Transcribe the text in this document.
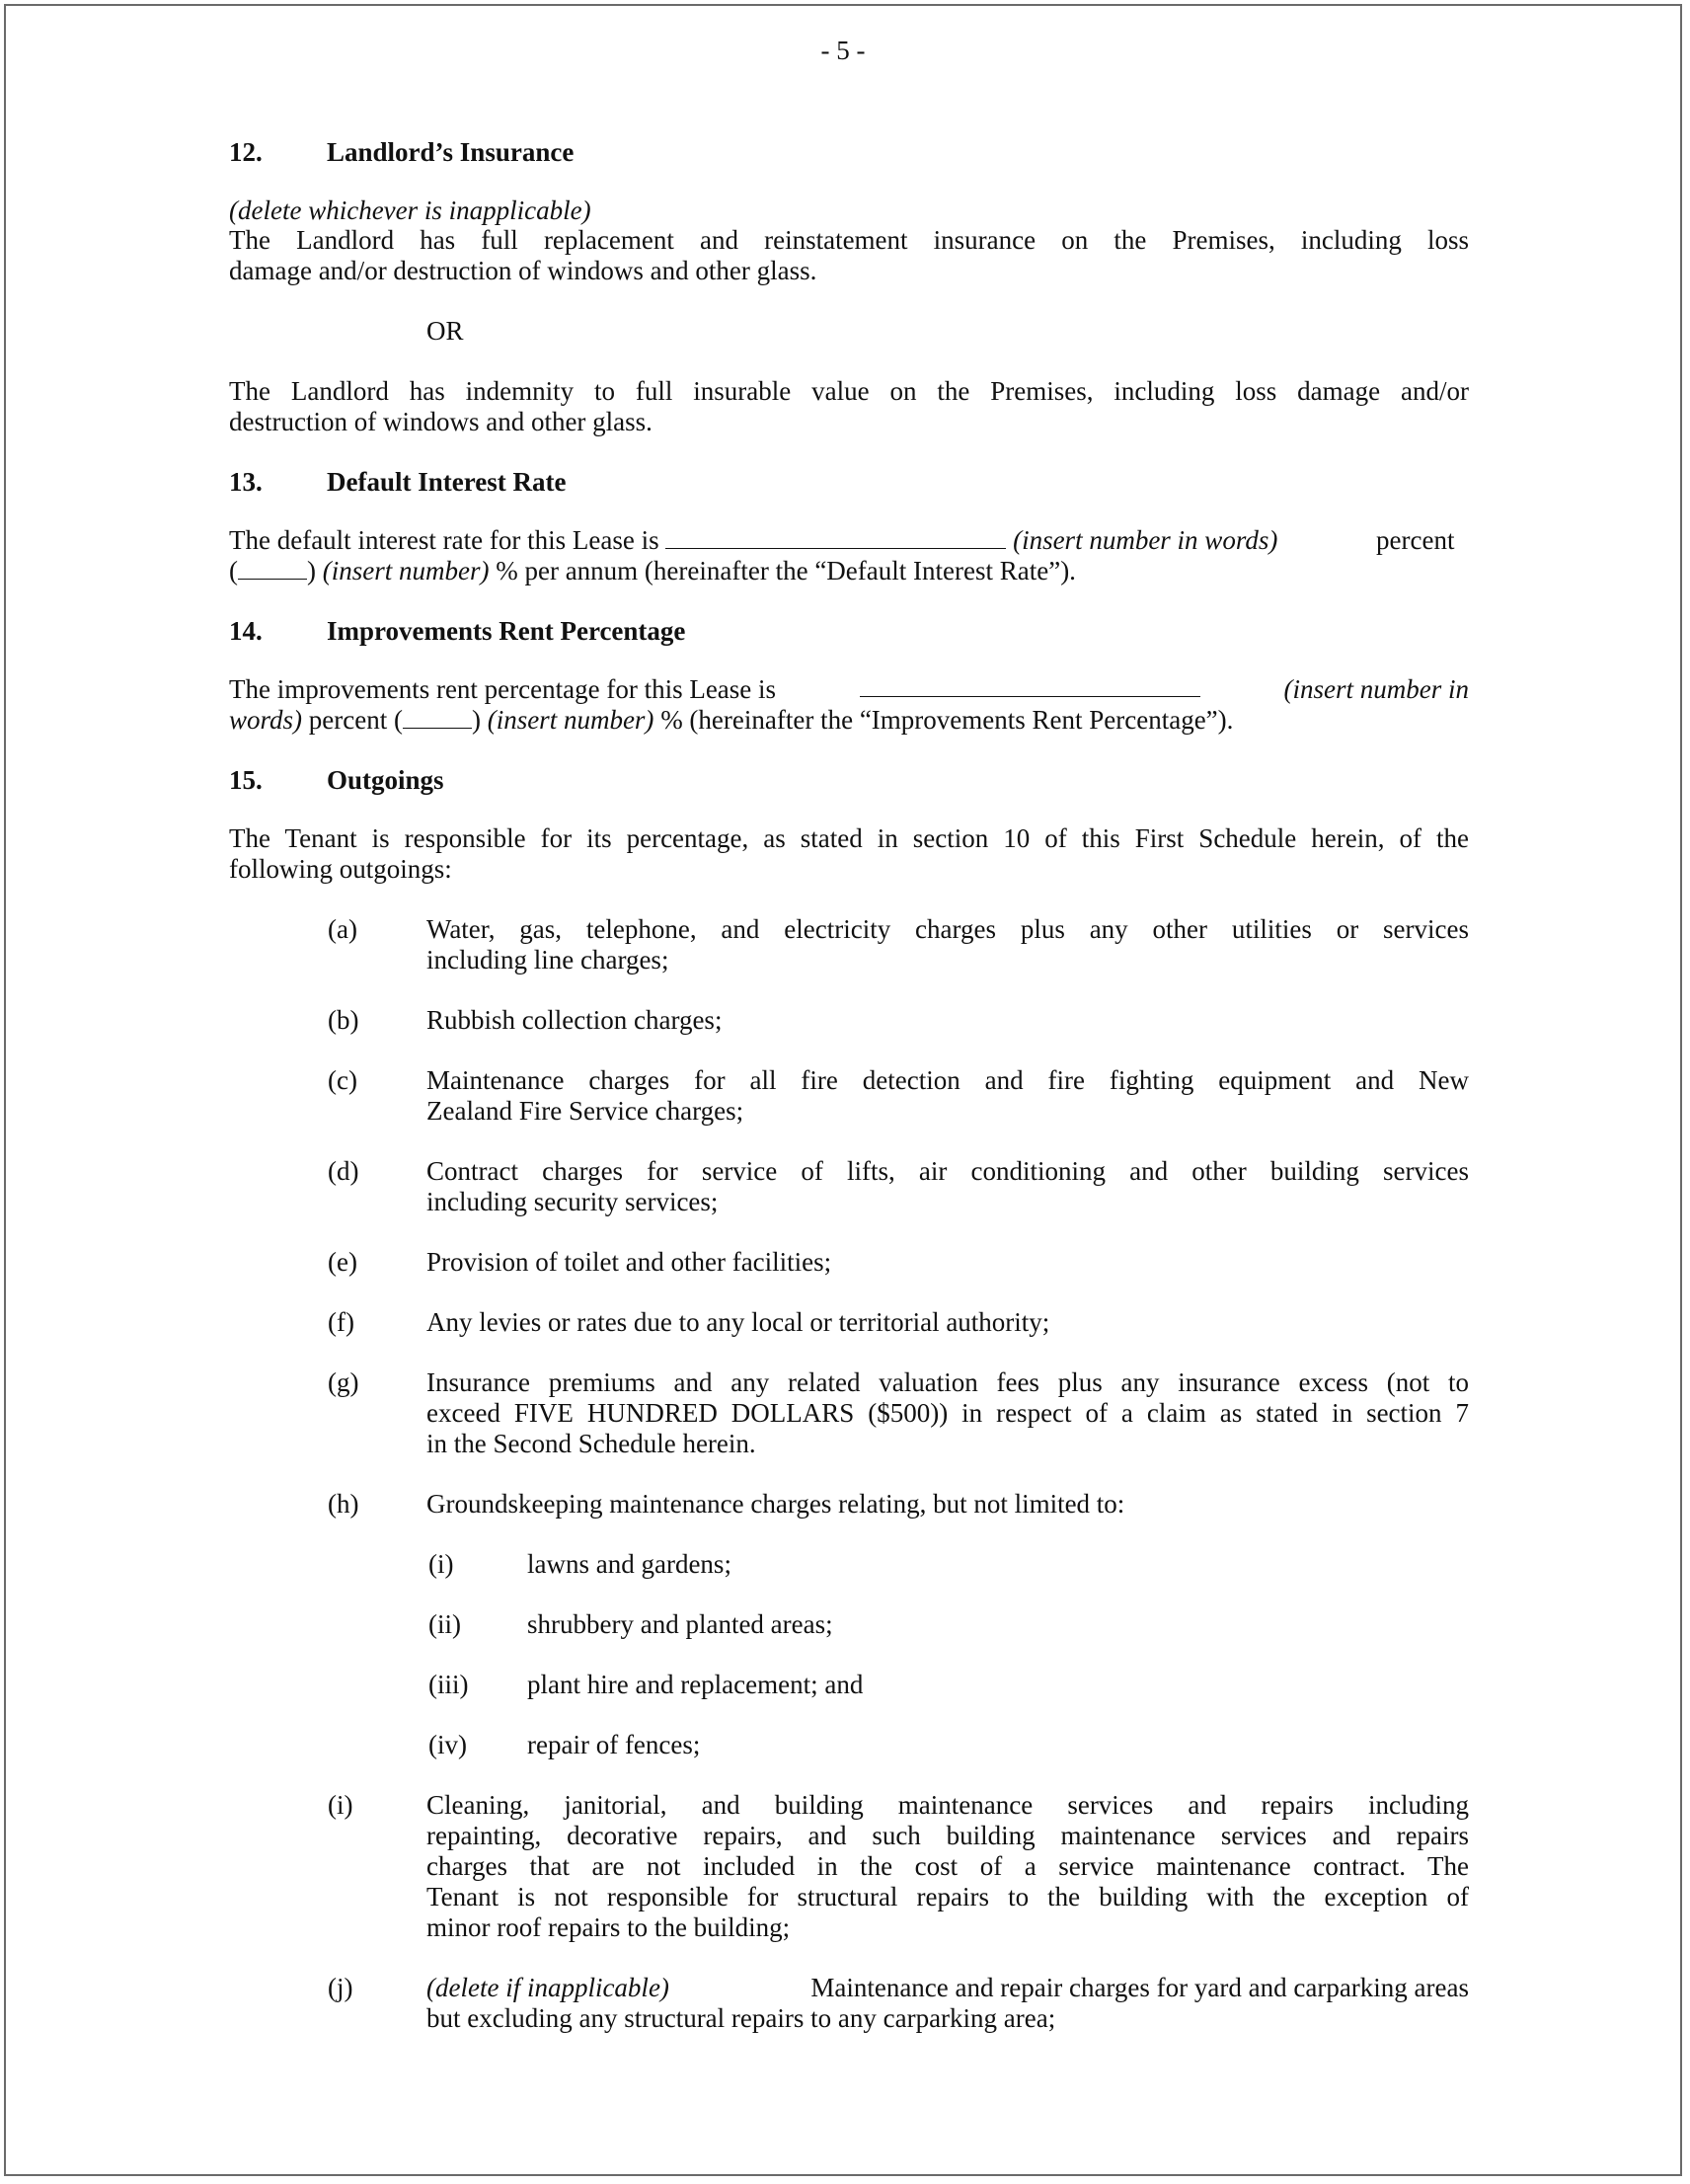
- 5 -
12. Landlord’s Insurance
(delete whichever is inapplicable)
The Landlord has full replacement and reinstatement insurance on the Premises, including loss
damage and/or destruction of windows and other glass.
OR
The Landlord has indemnity to full insurable value on the Premises, including loss damage and/or
destruction of windows and other glass.
13. Default Interest Rate
The default interest rate for this Lease is	(insert number in words)	percent
(	) (insert number) % per annum (hereinafter the “Default Interest Rate”).
14. Improvements Rent Percentage
The improvements rent percentage for this Lease is	(insert number in
words) percent (	) (insert number) % (hereinafter the “Improvements Rent Percentage”).
15. Outgoings
The Tenant is responsible for its percentage, as stated in section 10 of this First Schedule herein, of the
following outgoings:
(a)	Water, gas, telephone, and electricity charges plus any other utilities or services
including line charges;
(b)	Rubbish collection charges;
(c)	Maintenance charges for all fire detection and fire fighting equipment and New
Zealand Fire Service charges;
(d)	Contract charges for service of lifts, air conditioning and other building services
including security services;
(e)	Provision of toilet and other facilities;
(f)	Any levies or rates due to any local or territorial authority;
(g)	Insurance premiums and any related valuation fees plus any insurance excess (not to
exceed FIVE HUNDRED DOLLARS ($500)) in respect of a claim as stated in section 7
in the Second Schedule herein.
(h)	Groundskeeping maintenance charges relating, but not limited to:
(i)	lawns and gardens;
(ii) shrubbery and planted areas;
(iii) plant hire and replacement; and
(iv) repair of fences;
(i)	Cleaning, janitorial, and building maintenance services and repairs including
repainting, decorative repairs, and such building maintenance services and repairs
charges that are not included in the cost of a service maintenance contract. The
Tenant is not responsible for structural repairs to the building with the exception of
minor roof repairs to the building;
(j)	(delete if inapplicable)	Maintenance and repair charges for yard and carparking areas
but excluding any structural repairs to any carparking area;
